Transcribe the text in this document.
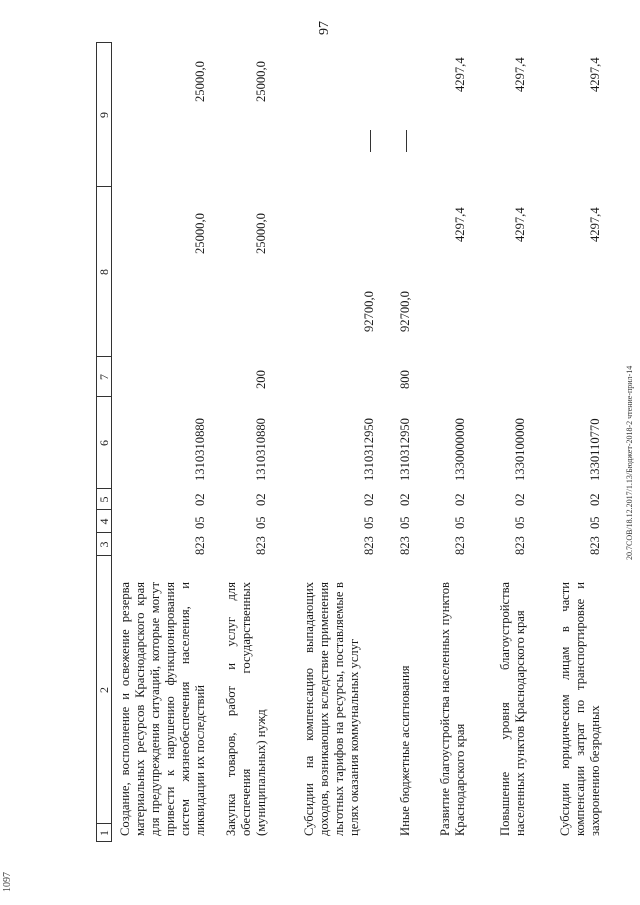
97
1
2
3
4
5
6
7
8
9
Создание, восполнение и освежение резерва материальных ресурсов Краснодарского края для предупреждения ситуаций, которые могут привести к нарушению функционирования систем жизнеобеспечения населения, и ликвидации их последствий
823
05
02
1310310880
25000,0
25000,0
Закупка товаров, работ и услуг для обеспечения государственных (муниципальных) нужд
823
05
02
1310310880
200
25000,0
25000,0
Субсидии на компенсацию выпадающих доходов, возникающих вследствие применения льготных тарифов на ресурсы, поставляемые в целях оказания коммунальных услуг
823
05
02
1310312950
92700,0
Иные бюджетные ассигнования
823
05
02
1310312950
800
92700,0
Развитие благоустройства населенных пунктов Краснодарского края
823
05
02
1330000000
4297,4
4297,4
Повышение уровня благоустройства населенных пунктов Краснодарского края
823
05
02
1330100000
4297,4
4297,4
Субсидии юридическим лицам в части компенсации затрат по транспортировке и захоронению безродных
823
05
02
1330110770
4297,4
4297,4
20.7СОВ/18.12.2017/1.13/Бюджет-2018-2 чтение-прил-14
1097
